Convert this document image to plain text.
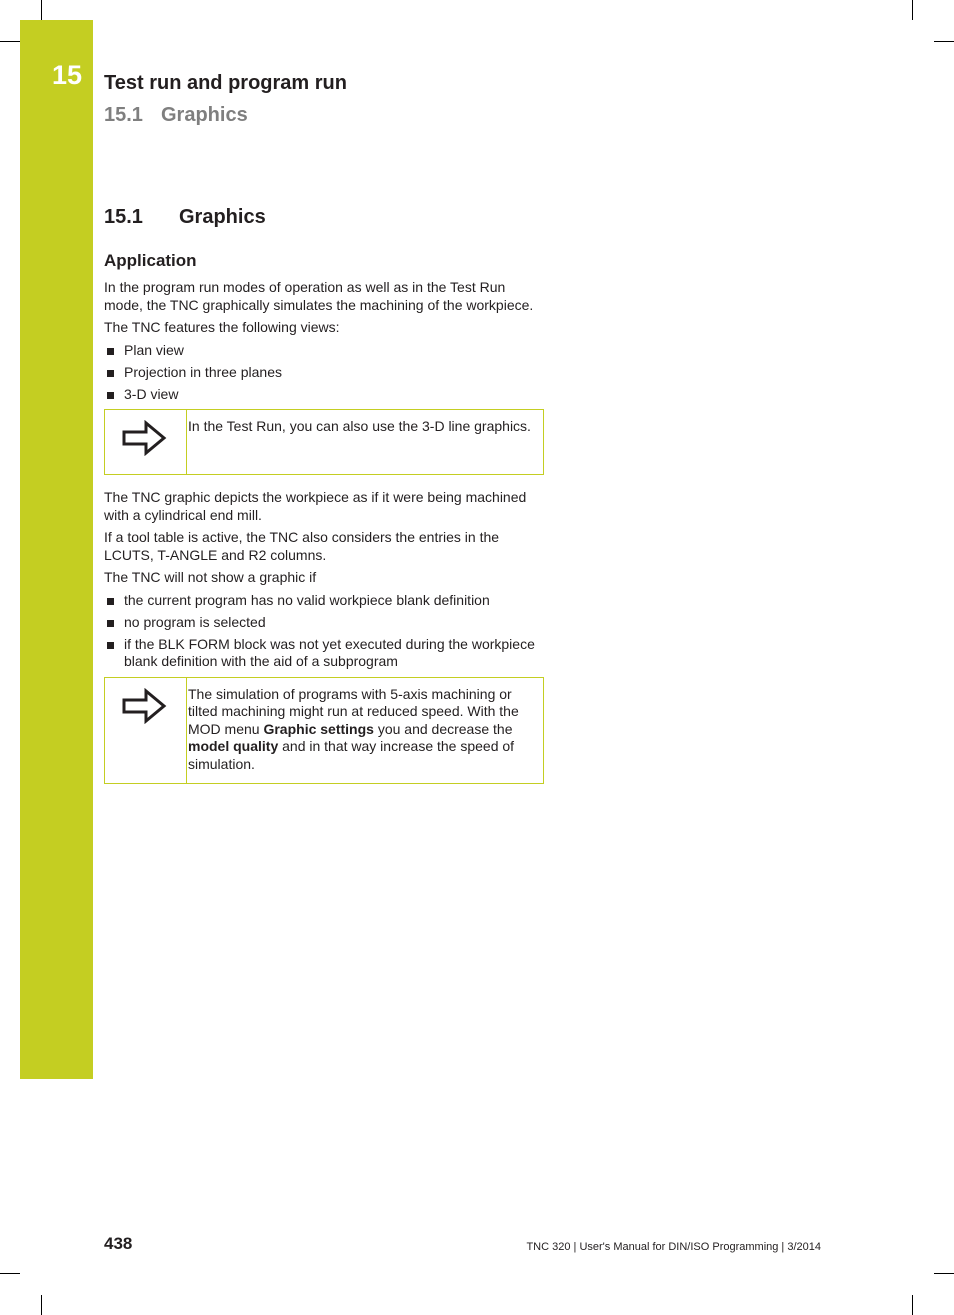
15 Test run and program run
15.1 Graphics
15.1 Graphics
Application

In the program run modes of operation as well as in the Test Run mode, the TNC graphically simulates the machining of the workpiece.

The TNC features the following views:

Plan view
Projection in three planes
3-D view
In the Test Run, you can also use the 3-D line graphics.

The TNC graphic depicts the workpiece as if it were being machined with a cylindrical end mill.

If a tool table is active, the TNC also considers the entries in the LCUTS, T-ANGLE and R2 columns.

The TNC will not show a graphic if

the current program has no valid workpiece blank definition
no program is selected
if the BLK FORM block was not yet executed during the workpiece blank definition with the aid of a subprogram
The simulation of programs with 5-axis machining or tilted machining might run at reduced speed. With the MOD menu Graphic settings you and decrease the model quality and in that way increase the speed of simulation.
438	TNC 320 | User's Manual for DIN/ISO Programming | 3/2014
